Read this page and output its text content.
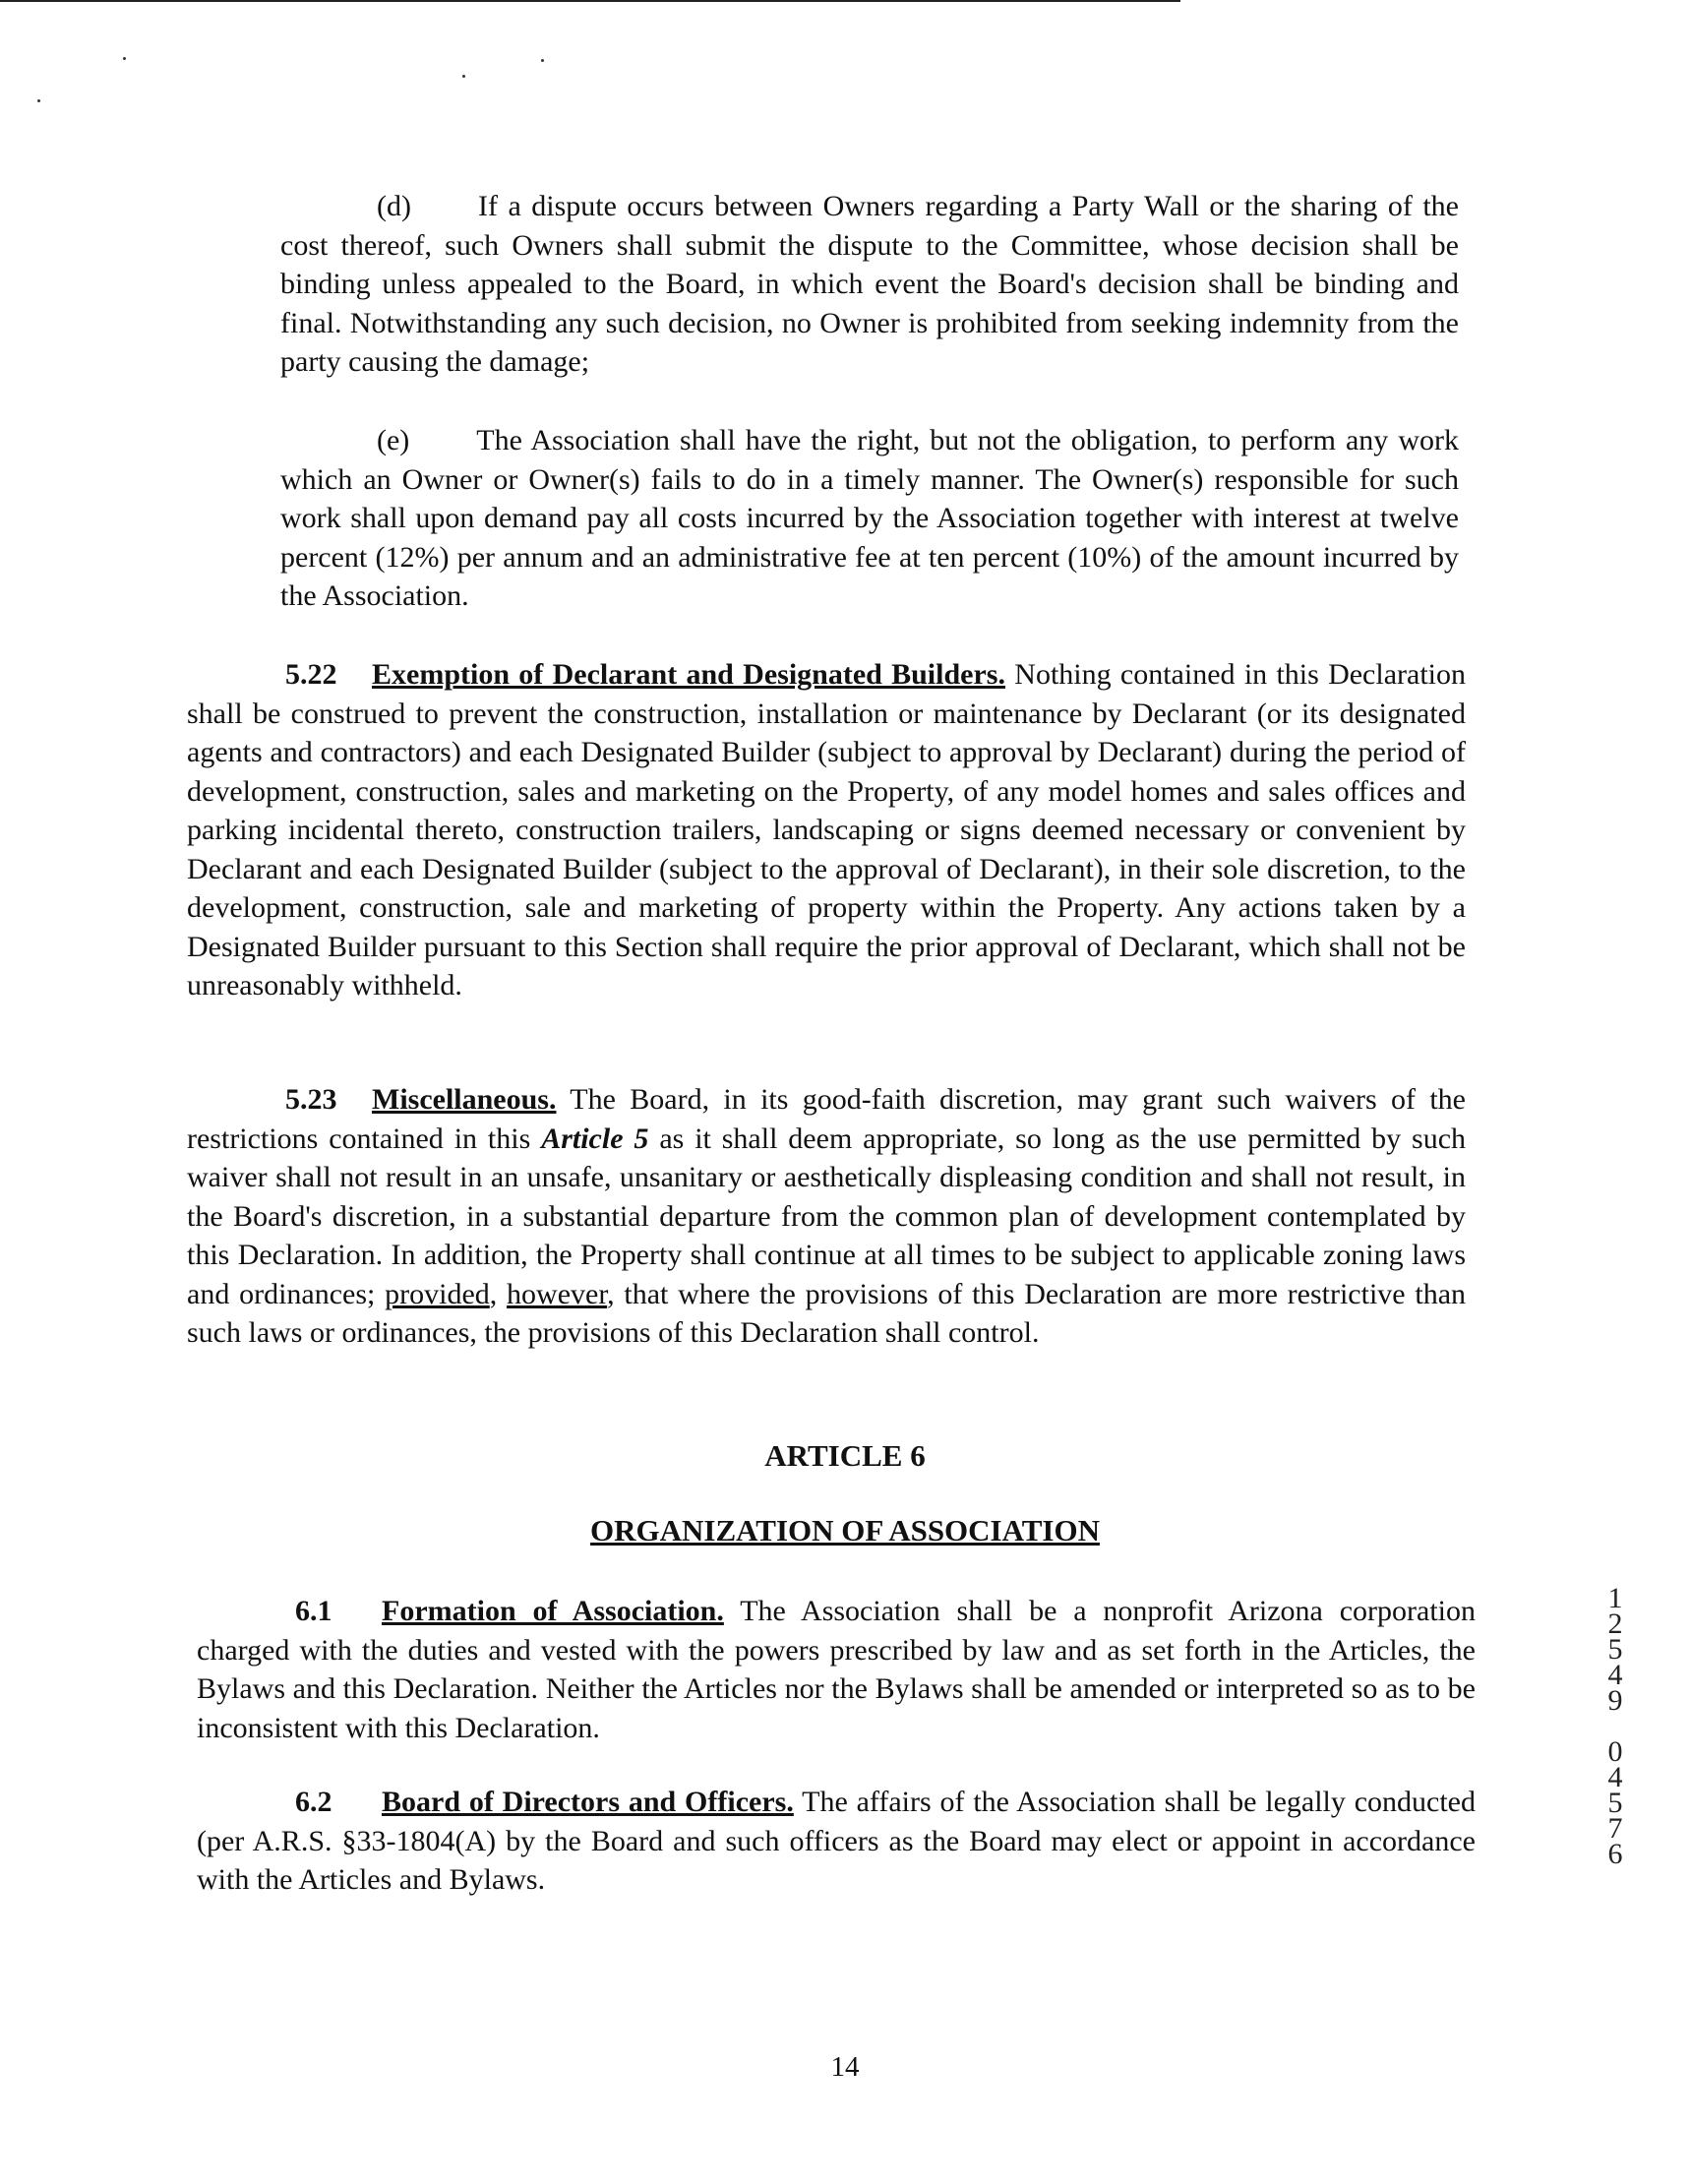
(d) If a dispute occurs between Owners regarding a Party Wall or the sharing of the cost thereof, such Owners shall submit the dispute to the Committee, whose decision shall be binding unless appealed to the Board, in which event the Board's decision shall be binding and final. Notwithstanding any such decision, no Owner is prohibited from seeking indemnity from the party causing the damage;

(e) The Association shall have the right, but not the obligation, to perform any work which an Owner or Owner(s) fails to do in a timely manner. The Owner(s) responsible for such work shall upon demand pay all costs incurred by the Association together with interest at twelve percent (12%) per annum and an administrative fee at ten percent (10%) of the amount incurred by the Association.

5.22 Exemption of Declarant and Designated Builders. Nothing contained in this Declaration shall be construed to prevent the construction, installation or maintenance by Declarant (or its designated agents and contractors) and each Designated Builder (subject to approval by Declarant) during the period of development, construction, sales and marketing on the Property, of any model homes and sales offices and parking incidental thereto, construction trailers, landscaping or signs deemed necessary or convenient by Declarant and each Designated Builder (subject to the approval of Declarant), in their sole discretion, to the development, construction, sale and marketing of property within the Property. Any actions taken by a Designated Builder pursuant to this Section shall require the prior approval of Declarant, which shall not be unreasonably withheld.

5.23 Miscellaneous. The Board, in its good-faith discretion, may grant such waivers of the restrictions contained in this Article 5 as it shall deem appropriate, so long as the use permitted by such waiver shall not result in an unsafe, unsanitary or aesthetically displeasing condition and shall not result, in the Board's discretion, in a substantial departure from the common plan of development contemplated by this Declaration. In addition, the Property shall continue at all times to be subject to applicable zoning laws and ordinances; provided, however, that where the provisions of this Declaration are more restrictive than such laws or ordinances, the provisions of this Declaration shall control.

ARTICLE 6

ORGANIZATION OF ASSOCIATION

6.1 Formation of Association. The Association shall be a nonprofit Arizona corporation charged with the duties and vested with the powers prescribed by law and as set forth in the Articles, the Bylaws and this Declaration. Neither the Articles nor the Bylaws shall be amended or interpreted so as to be inconsistent with this Declaration.

6.2 Board of Directors and Officers. The affairs of the Association shall be legally conducted (per A.R.S. §33-1804(A) by the Board and such officers as the Board may elect or appoint in accordance with the Articles and Bylaws.

1
2
5
4
9
0
4
5
7
6

14
